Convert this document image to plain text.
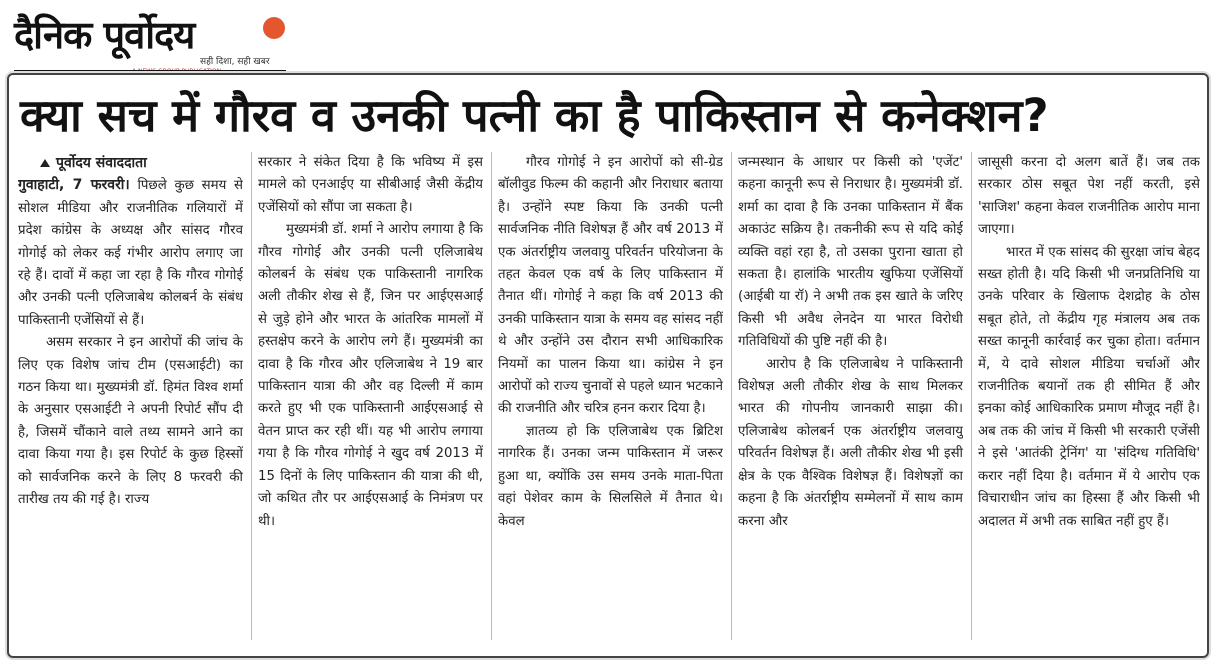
दैनिक पूर्वोदय
सही दिशा, सही खबर
क्या सच में गौरव व उनकी पत्नी का है पाकिस्तान से कनेक्शन?
पूर्वोदय संवाददाता

गुवाहाटी, 7 फरवरी। पिछले कुछ समय से सोशल मीडिया और राजनीतिक गलियारों में प्रदेश कांग्रेस के अध्यक्ष और सांसद गौरव गोगोई को लेकर कई गंभीर आरोप लगाए जा रहे हैं। दावों में कहा जा रहा है कि गौरव गोगोई और उनकी पत्नी एलिजाबेथ कोलबर्न के संबंध पाकिस्तानी एजेंसियों से हैं।

असम सरकार ने इन आरोपों की जांच के लिए एक विशेष जांच टीम (एसआईटी) का गठन किया था। मुख्यमंत्री डॉ. हिमंत विश्व शर्मा के अनुसार एसआईटी ने अपनी रिपोर्ट सौंप दी है, जिसमें चौंकाने वाले तथ्य सामने आने का दावा किया गया है। इस रिपोर्ट के कुछ हिस्सों को सार्वजनिक करने के लिए 8 फरवरी की तारीख तय की गई है। राज्य

सरकार ने संकेत दिया है कि भविष्य में इस मामले को एनआईए या सीबीआई जैसी केंद्रीय एजेंसियों को सौंपा जा सकता है।

मुख्यमंत्री डॉ. शर्मा ने आरोप लगाया है कि गौरव गोगोई और उनकी पत्नी एलिजाबेथ कोलबर्न के संबंध एक पाकिस्तानी नागरिक अली तौकीर शेख से हैं, जिन पर आईएसआई से जुड़े होने और भारत के आंतरिक मामलों में हस्तक्षेप करने के आरोप लगे हैं। मुख्यमंत्री का दावा है कि गौरव और एलिजाबेथ ने 19 बार पाकिस्तान यात्रा की और वह दिल्ली में काम करते हुए भी एक पाकिस्तानी आईएसआई से वेतन प्राप्त कर रही थीं। यह भी आरोप लगाया गया है कि गौरव गोगोई ने खुद वर्ष 2013 में 15 दिनों के लिए पाकिस्तान की यात्रा की थी, जो कथित तौर पर आईएसआई के निमंत्रण पर थी।

गौरव गोगोई ने इन आरोपों को सी-ग्रेड बॉलीवुड फिल्म की कहानी और निराधार बताया है। उन्होंने स्पष्ट किया कि उनकी पत्नी सार्वजनिक नीति विशेषज्ञ हैं और वर्ष 2013 में एक अंतर्राष्ट्रीय जलवायु परिवर्तन परियोजना के तहत केवल एक वर्ष के लिए पाकिस्तान में तैनात थीं। गोगोई ने कहा कि वर्ष 2013 की उनकी पाकिस्तान यात्रा के समय वह सांसद नहीं थे और उन्होंने उस दौरान सभी आधिकारिक नियमों का पालन किया था। कांग्रेस ने इन आरोपों को राज्य चुनावों से पहले ध्यान भटकाने की राजनीति और चरित्र हनन करार दिया है।

ज्ञातव्य हो कि एलिजाबेथ एक ब्रिटिश नागरिक हैं। उनका जन्म पाकिस्तान में जरूर हुआ था, क्योंकि उस समय उनके माता-पिता वहां पेशेवर काम के सिलसिले में तैनात थे। केवल

जन्मस्थान के आधार पर किसी को 'एजेंट' कहना कानूनी रूप से निराधार है। मुख्यमंत्री डॉ. शर्मा का दावा है कि उनका पाकिस्तान में बैंक अकाउंट सक्रिय है। तकनीकी रूप से यदि कोई व्यक्ति वहां रहा है, तो उसका पुराना खाता हो सकता है। हालांकि भारतीय खुफिया एजेंसियों (आईबी या रॉ) ने अभी तक इस खाते के जरिए किसी भी अवैध लेनदेन या भारत विरोधी गतिविधियों की पुष्टि नहीं की है।

आरोप है कि एलिजाबेथ ने पाकिस्तानी विशेषज्ञ अली तौकीर शेख के साथ मिलकर भारत की गोपनीय जानकारी साझा की। एलिजाबेथ कोलबर्न एक अंतर्राष्ट्रीय जलवायु परिवर्तन विशेषज्ञ हैं। अली तौकीर शेख भी इसी क्षेत्र के एक वैश्विक विशेषज्ञ हैं। विशेषज्ञों का कहना है कि अंतर्राष्ट्रीय सम्मेलनों में साथ काम करना और

जासूसी करना दो अलग बातें हैं। जब तक सरकार ठोस सबूत पेश नहीं करती, इसे 'साजिश' कहना केवल राजनीतिक आरोप माना जाएगा।

भारत में एक सांसद की सुरक्षा जांच बेहद सख्त होती है। यदि किसी भी जनप्रतिनिधि या उनके परिवार के खिलाफ देशद्रोह के ठोस सबूत होते, तो केंद्रीय गृह मंत्रालय अब तक सख्त कानूनी कार्रवाई कर चुका होता। वर्तमान में, ये दावे सोशल मीडिया चर्चाओं और राजनीतिक बयानों तक ही सीमित हैं और इनका कोई आधिकारिक प्रमाण मौजूद नहीं है। अब तक की जांच में किसी भी सरकारी एजेंसी ने इसे 'आतंकी ट्रेनिंग' या 'संदिग्ध गतिविधि' करार नहीं दिया है। वर्तमान में ये आरोप एक विचाराधीन जांच का हिस्सा हैं और किसी भी अदालत में अभी तक साबित नहीं हुए हैं।
